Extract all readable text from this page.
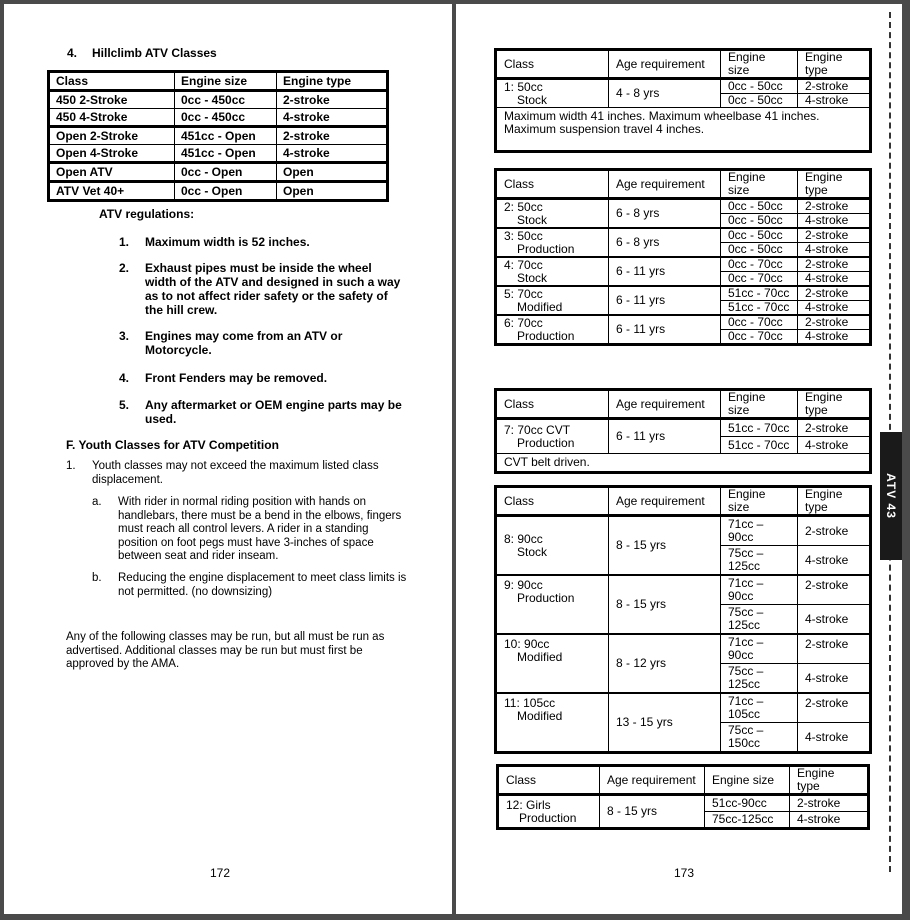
4. Hillclimb ATV Classes
Class	Engine size	Engine type
450 2-Stroke	0cc - 450cc	2-stroke
450 4-Stroke	0cc - 450cc	4-stroke
Open 2-Stroke	451cc - Open	2-stroke
Open 4-Stroke	451cc - Open	4-stroke
Open ATV	0cc - Open	Open
ATV Vet 40+	0cc - Open	Open
ATV regulations:
1. Maximum width is 52 inches.
2. Exhaust pipes must be inside the wheel width of the ATV and designed in such a way as to not affect rider safety or the safety of the hill crew.
3. Engines may come from an ATV or Motorcycle.
4. Front Fenders may be removed.
5. Any aftermarket or OEM engine parts may be used.
F. Youth Classes for ATV Competition
1. Youth classes may not exceed the maximum listed class displacement.
a. With rider in normal riding position with hands on handlebars, there must be a bend in the elbows, fingers must reach all control levers. A rider in a standing position on foot pegs must have 3-inches of space between seat and rider inseam.
b. Reducing the engine displacement to meet class limits is not permitted. (no downsizing)
Any of the following classes may be run, but all must be run as advertised. Additional classes may be run but must first be approved by the AMA.
172
Class	Age requirement	Engine size	Engine type

1: 50cc
Stock	4 - 8 yrs	0cc - 50cc	2-stroke
		0cc - 50cc	4-stroke
Maximum width 41 inches. Maximum wheelbase 41 inches. Maximum suspension travel 4 inches.			
Class	Age requirement	Engine size	Engine type

2: 50cc
Stock	6 - 8 yrs	0cc - 50cc	2-stroke
		0cc - 50cc	4-stroke

3: 50cc
Production	6 - 8 yrs	0cc - 50cc	2-stroke
		0cc - 50cc	4-stroke

4: 70cc
Stock	6 - 11 yrs	0cc - 70cc	2-stroke
		0cc - 70cc	4-stroke

5: 70cc
Modified	6 - 11 yrs	51cc - 70cc	2-stroke
		51cc - 70cc	4-stroke

6: 70cc
Production	6 - 11 yrs	0cc - 70cc	2-stroke
		0cc - 70cc	4-stroke
Class	Age requirement	Engine size	Engine type

7: 70cc CVT
Production	6 - 11 yrs	51cc - 70cc	2-stroke
		51cc - 70cc	4-stroke
CVT belt driven.			
Class	Age requirement	Engine size	Engine type

8: 90cc
Stock	8 - 15 yrs	71cc – 90cc	2-stroke
		75cc – 125cc	4-stroke

9: 90cc
Production	8 - 15 yrs	71cc – 90cc	2-stroke
		75cc – 125cc	4-stroke

10: 90cc
Modified	8 - 12 yrs	71cc – 90cc	2-stroke
		75cc – 125cc	4-stroke

11: 105cc
Modified	13 - 15 yrs	71cc – 105cc	2-stroke
		75cc – 150cc	4-stroke
Class	Age requirement	Engine size	Engine type

12: Girls
Production	8 - 15 yrs	51cc-90cc	2-stroke
		75cc-125cc	4-stroke
173
ATV 43
